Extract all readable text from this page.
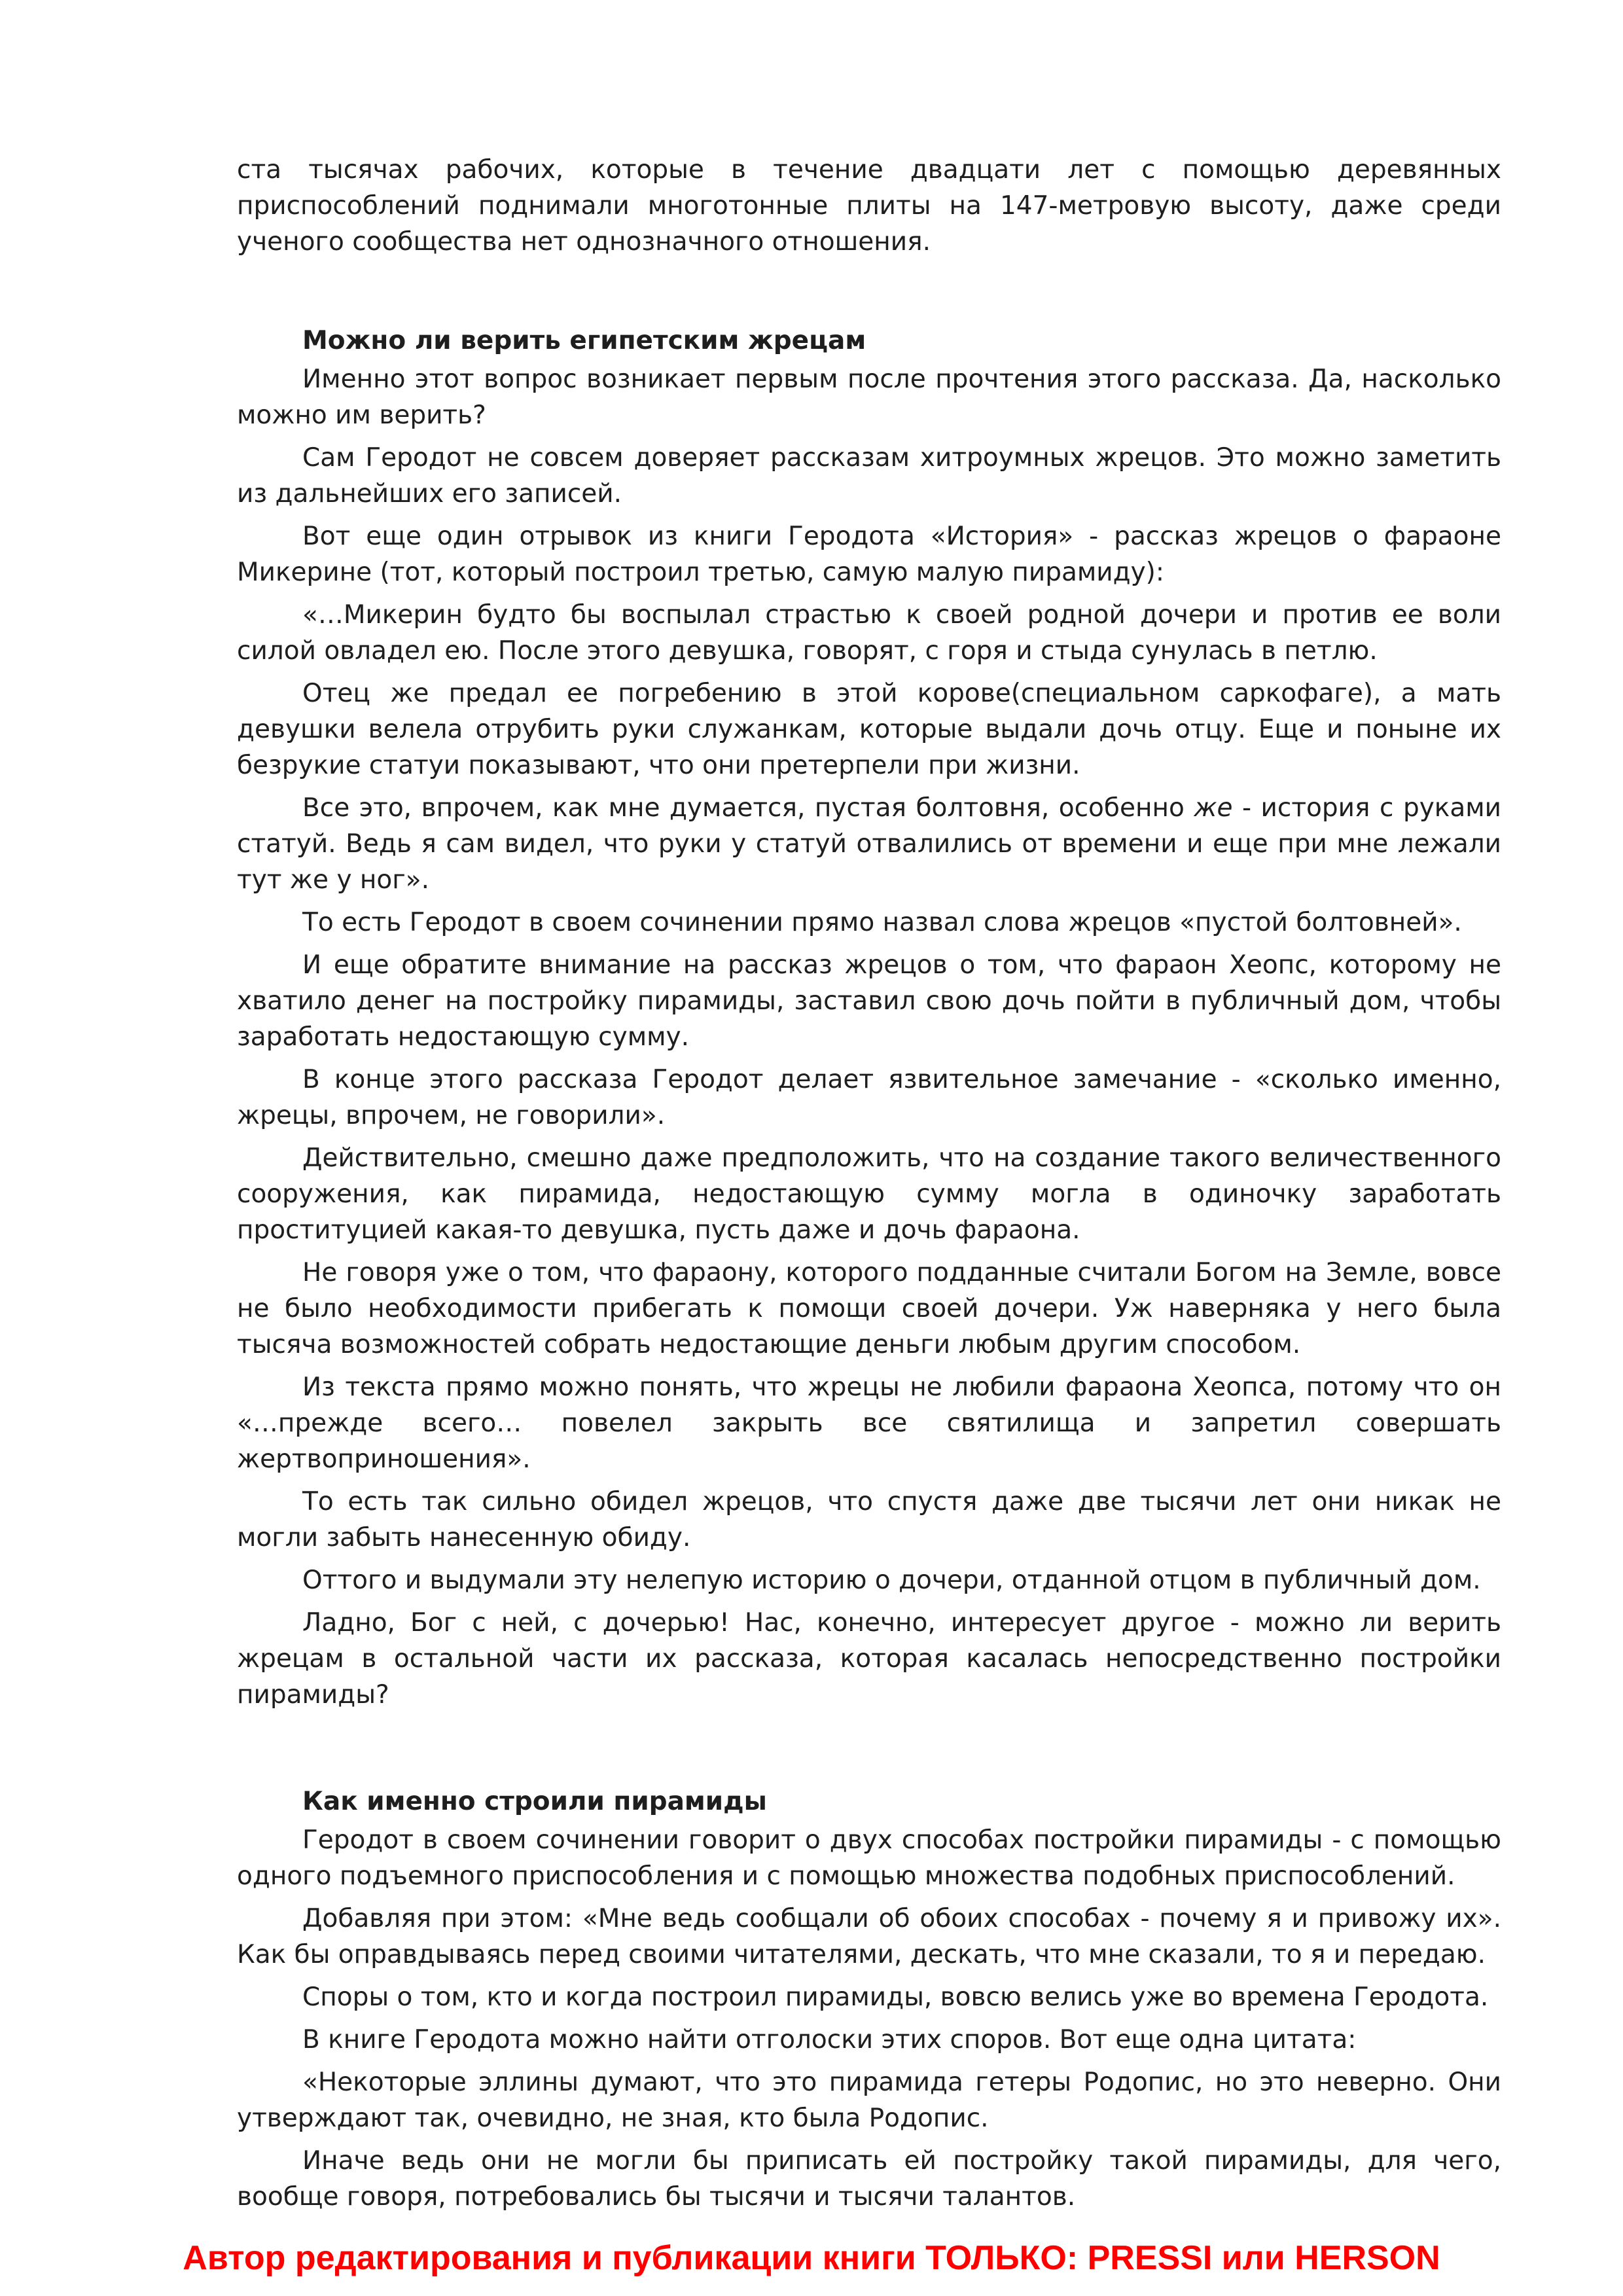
ста тысячах рабочих, которые в течение двадцати лет с помощью деревянных приспособлений поднимали многотонные плиты на 147-метровую высоту, даже среди ученого сообщества нет однозначного отношения.

Можно ли верить египетским жрецам

Именно этот вопрос возникает первым после прочтения этого рассказа. Да, насколько можно им верить?

Сам Геродот не совсем доверяет рассказам хитроумных жрецов. Это можно заметить из дальнейших его записей.

Вот еще один отрывок из книги Геродота «История» - рассказ жрецов о фараоне Микерине (тот, который построил третью, самую малую пирамиду):

«…Микерин будто бы воспылал страстью к своей родной дочери и против ее воли силой овладел ею. После этого девушка, говорят, с горя и стыда сунулась в петлю.

Отец же предал ее погребению в этой корове(специальном саркофаге), а мать девушки велела отрубить руки служанкам, которые выдали дочь отцу. Еще и поныне их безрукие статуи показывают, что они претерпели при жизни.

Все это, впрочем, как мне думается, пустая болтовня, особенно же - история с руками статуй. Ведь я сам видел, что руки у статуй отвалились от времени и еще при мне лежали тут же у ног».

То есть Геродот в своем сочинении прямо назвал слова жрецов «пустой болтовней».

И еще обратите внимание на рассказ жрецов о том, что фараон Хеопс, которому не хватило денег на постройку пирамиды, заставил свою дочь пойти в публичный дом, чтобы заработать недостающую сумму.

В конце этого рассказа Геродот делает язвительное замечание - «сколько именно, жрецы, впрочем, не говорили».

Действительно, смешно даже предположить, что на создание такого величественного сооружения, как пирамида, недостающую сумму могла в одиночку заработать проституцией какая-то девушка, пусть даже и дочь фараона.

Не говоря уже о том, что фараону, которого подданные считали Богом на Земле, вовсе не было необходимости прибегать к помощи своей дочери. Уж наверняка у него была тысяча возможностей собрать недостающие деньги любым другим способом.

Из текста прямо можно понять, что жрецы не любили фараона Хеопса, потому что он «…прежде всего… повелел закрыть все святилища и запретил совершать жертвоприношения».

То есть так сильно обидел жрецов, что спустя даже две тысячи лет они никак не могли забыть нанесенную обиду.

Оттого и выдумали эту нелепую историю о дочери, отданной отцом в публичный дом.

Ладно, Бог с ней, с дочерью! Нас, конечно, интересует другое - можно ли верить жрецам в остальной части их рассказа, которая касалась непосредственно постройки пирамиды?

Как именно строили пирамиды

Геродот в своем сочинении говорит о двух способах постройки пирамиды - с помощью одного подъемного приспособления и с помощью множества подобных приспособлений.

Добавляя при этом: «Мне ведь сообщали об обоих способах - почему я и привожу их». Как бы оправдываясь перед своими читателями, дескать, что мне сказали, то я и передаю.

Споры о том, кто и когда построил пирамиды, вовсю велись уже во времена Геродота.

В книге Геродота можно найти отголоски этих споров. Вот еще одна цитата:

«Некоторые эллины думают, что это пирамида гетеры Родопис, но это неверно. Они утверждают так, очевидно, не зная, кто была Родопис.

Иначе ведь они не могли бы приписать ей постройку такой пирамиды, для чего, вообще говоря, потребовались бы тысячи и тысячи талантов.

Автор редактирования и публикации книги ТОЛЬКО: PRESSI или HERSON
